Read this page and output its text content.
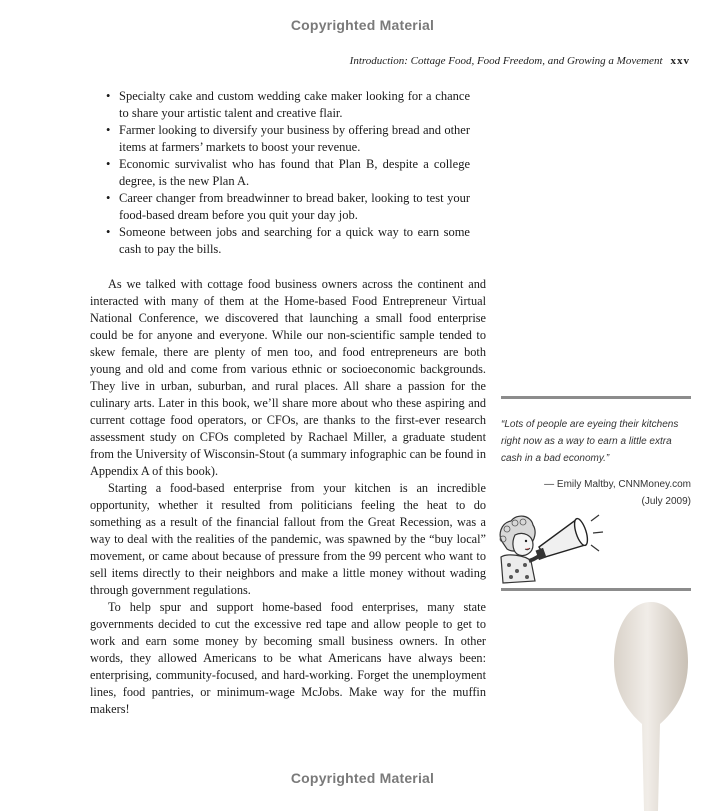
Copyrighted Material
Introduction: Cottage Food, Food Freedom, and Growing a Movement xxv
• Specialty cake and custom wedding cake maker looking for a chance to share your artistic talent and creative flair.
• Farmer looking to diversify your business by offering bread and other items at farmers’ markets to boost your revenue.
• Economic survivalist who has found that Plan B, despite a college degree, is the new Plan A.
• Career changer from breadwinner to bread baker, looking to test your food-based dream before you quit your day job.
• Someone between jobs and searching for a quick way to earn some cash to pay the bills.

As we talked with cottage food business owners across the continent and interacted with many of them at the Home-based Food Entrepreneur Virtual National Conference, we discovered that launching a small food enterprise could be for anyone and everyone. While our non-scientific sample tended to skew female, there are plenty of men too, and food entrepreneurs are both young and old and come from various ethnic or socioeconomic backgrounds. They live in urban, suburban, and rural places. All share a passion for the culinary arts. Later in this book, we’ll share more about who these aspiring and current cottage food operators, or CFOs, are thanks to the first-ever research assessment study on CFOs completed by Rachael Miller, a graduate student from the University of Wisconsin-Stout (a summary infographic can be found in Appendix A of this book).

Starting a food-based enterprise from your kitchen is an incredible opportunity, whether it resulted from politicians feeling the heat to do something as a result of the financial fallout from the Great Recession, was a way to deal with the realities of the pandemic, was spawned by the “buy local” movement, or came about because of pressure from the 99 percent who want to sell items directly to their neighbors and make a little money without wading through government regulations.

To help spur and support home-based food enterprises, many state governments decided to cut the excessive red tape and allow people to get to work and earn some money by becoming small business owners. In other words, they allowed Americans to be what Americans have always been: enterprising, community-focused, and hard-working. Forget the unemployment lines, food pantries, or minimum-wage McJobs. Make way for the muffin makers!

“Lots of people are eyeing their kitchens right now as a way to earn a little extra cash in a bad economy.”
— Emily Maltby, CNNMoney.com
(July 2009)
Copyrighted Material
